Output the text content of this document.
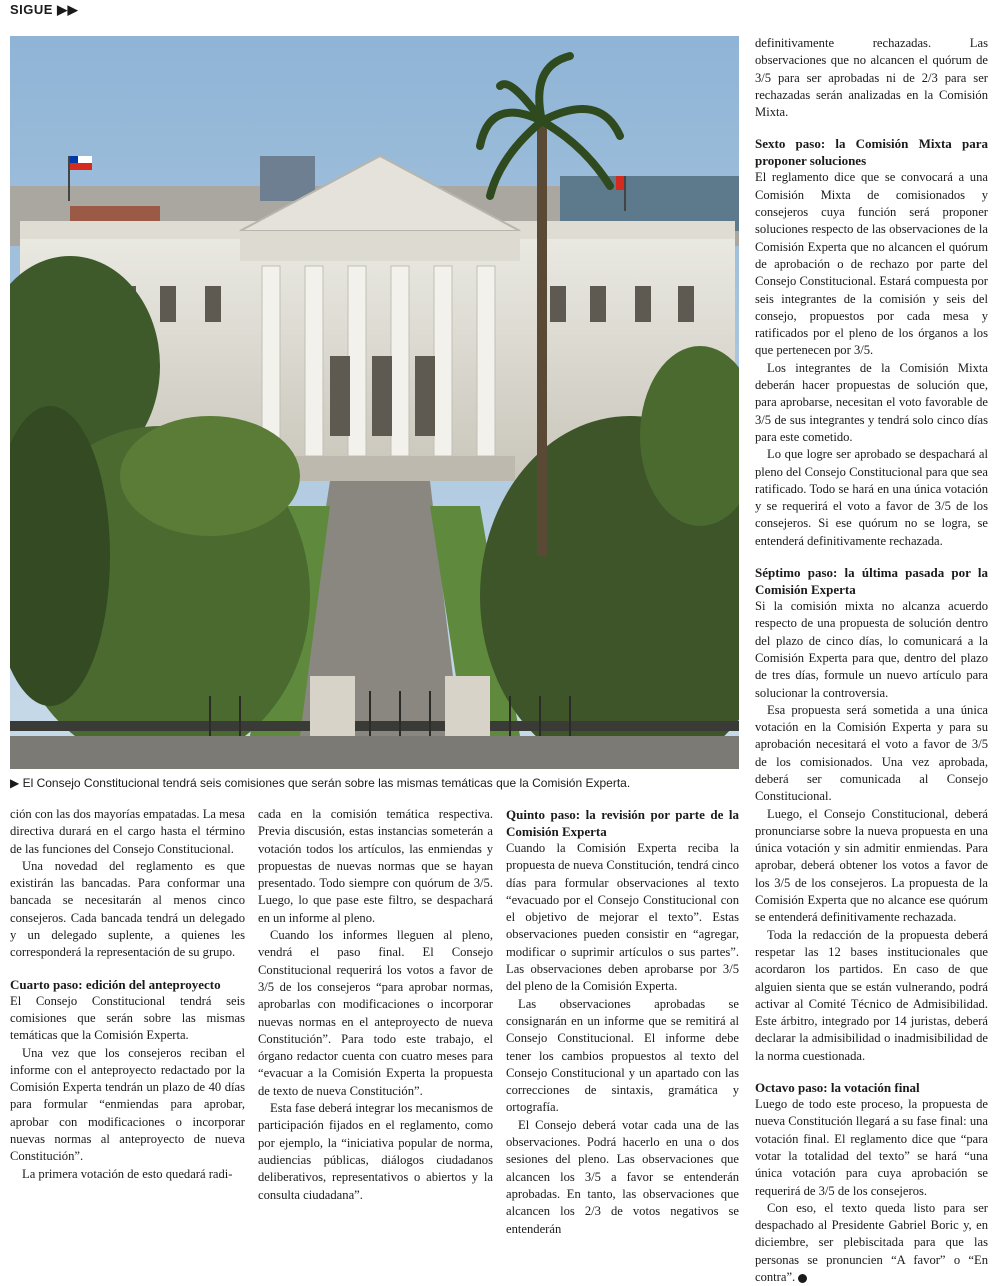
SIGUE ▶▶
▶ El Consejo Constitucional tendrá seis comisiones que serán sobre las mismas temáticas que la Comisión Experta.

ción con las dos mayorías empatadas. La mesa directiva durará en el cargo hasta el término de las funciones del Consejo Constitucional.

Una novedad del reglamento es que existirán las bancadas. Para conformar una bancada se necesitarán al menos cinco consejeros. Cada bancada tendrá un delegado y un delegado suplente, a quienes les corresponderá la representación de su grupo.

Cuarto paso: edición del anteproyecto

El Consejo Constitucional tendrá seis comisiones que serán sobre las mismas temáticas que la Comisión Experta.

Una vez que los consejeros reciban el informe con el anteproyecto redactado por la Comisión Experta tendrán un plazo de 40 días para formular “enmiendas para aprobar, aprobar con modificaciones o incorporar nuevas normas al anteproyecto de nueva Constitución”.

La primera votación de esto quedará radi-

cada en la comisión temática respectiva. Previa discusión, estas instancias someterán a votación todos los artículos, las enmiendas y propuestas de nuevas normas que se hayan presentado. Todo siempre con quórum de 3/5. Luego, lo que pase este filtro, se despachará en un informe al pleno.

Cuando los informes lleguen al pleno, vendrá el paso final. El Consejo Constitucional requerirá los votos a favor de 3/5 de los consejeros “para aprobar normas, aprobarlas con modificaciones o incorporar nuevas normas en el anteproyecto de nueva Constitución”. Para todo este trabajo, el órgano redactor cuenta con cuatro meses para “evacuar a la Comisión Experta la propuesta de texto de nueva Constitución”.

Esta fase deberá integrar los mecanismos de participación fijados en el reglamento, como por ejemplo, la “iniciativa popular de norma, audiencias públicas, diálogos ciudadanos deliberativos, representativos o abiertos y la consulta ciudadana”.

Quinto paso: la revisión por parte de la Comisión Experta

Cuando la Comisión Experta reciba la propuesta de nueva Constitución, tendrá cinco días para formular observaciones al texto “evacuado por el Consejo Constitucional con el objetivo de mejorar el texto”. Estas observaciones pueden consistir en “agregar, modificar o suprimir artículos o sus partes”. Las observaciones deben aprobarse por 3/5 del pleno de la Comisión Experta.

Las observaciones aprobadas se consignarán en un informe que se remitirá al Consejo Constitucional. El informe debe tener los cambios propuestos al texto del Consejo Constitucional y un apartado con las correcciones de sintaxis, gramática y ortografía.

El Consejo deberá votar cada una de las observaciones. Podrá hacerlo en una o dos sesiones del pleno. Las observaciones que alcancen los 3/5 a favor se entenderán aprobadas. En tanto, las observaciones que alcancen los 2/3 de votos negativos se entenderán

definitivamente rechazadas. Las observaciones que no alcancen el quórum de 3/5 para ser aprobadas ni de 2/3 para ser rechazadas serán analizadas en la Comisión Mixta.

Sexto paso: la Comisión Mixta para proponer soluciones

El reglamento dice que se convocará a una Comisión Mixta de comisionados y consejeros cuya función será proponer soluciones respecto de las observaciones de la Comisión Experta que no alcancen el quórum de aprobación o de rechazo por parte del Consejo Constitucional. Estará compuesta por seis integrantes de la comisión y seis del consejo, propuestos por cada mesa y ratificados por el pleno de los órganos a los que pertenecen por 3/5.

Los integrantes de la Comisión Mixta deberán hacer propuestas de solución que, para aprobarse, necesitan el voto favorable de 3/5 de sus integrantes y tendrá solo cinco días para este cometido.

Lo que logre ser aprobado se despachará al pleno del Consejo Constitucional para que sea ratificado. Todo se hará en una única votación y se requerirá el voto a favor de 3/5 de los consejeros. Si ese quórum no se logra, se entenderá definitivamente rechazada.

Séptimo paso: la última pasada por la Comisión Experta

Si la comisión mixta no alcanza acuerdo respecto de una propuesta de solución dentro del plazo de cinco días, lo comunicará a la Comisión Experta para que, dentro del plazo de tres días, formule un nuevo artículo para solucionar la controversia.

Esa propuesta será sometida a una única votación en la Comisión Experta y para su aprobación necesitará el voto a favor de 3/5 de los comisionados. Una vez aprobada, deberá ser comunicada al Consejo Constitucional.

Luego, el Consejo Constitucional, deberá pronunciarse sobre la nueva propuesta en una única votación y sin admitir enmiendas. Para aprobar, deberá obtener los votos a favor de los 3/5 de los consejeros. La propuesta de la Comisión Experta que no alcance ese quórum se entenderá definitivamente rechazada.

Toda la redacción de la propuesta deberá respetar las 12 bases institucionales que acordaron los partidos. En caso de que alguien sienta que se están vulnerando, podrá activar al Comité Técnico de Admisibilidad. Este árbitro, integrado por 14 juristas, deberá declarar la admisibilidad o inadmisibilidad de la norma cuestionada.

Octavo paso: la votación final

Luego de todo este proceso, la propuesta de nueva Constitución llegará a su fase final: una votación final. El reglamento dice que “para votar la totalidad del texto” se hará “una única votación para cuya aprobación se requerirá de 3/5 de los consejeros.

Con eso, el texto queda listo para ser despachado al Presidente Gabriel Boric y, en diciembre, ser plebiscitada para que las personas se pronuncien “A favor” o “En contra”.
